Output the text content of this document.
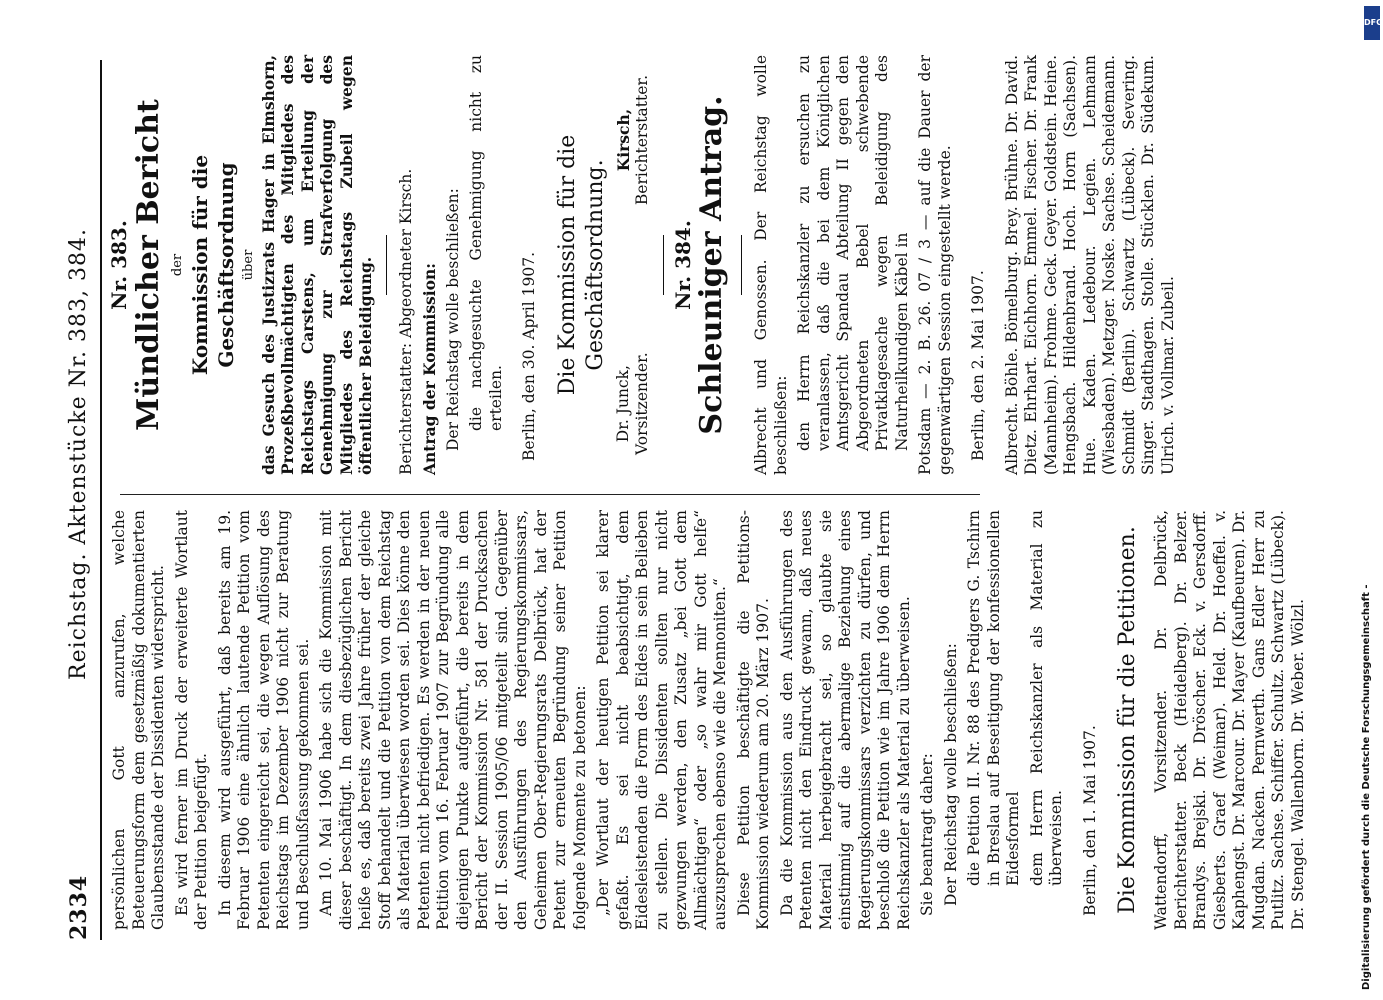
2334
Reichstag. Aktenstücke Nr. 383, 384.

persönlichen Gott anzurufen, welche Beteuerungsform dem gesetzmäßig dokumentierten Glaubensstande der Dissidenten widerspricht. Es wird ferner im Druck der erweiterte Wortlaut der Petition beigefügt. In diesem wird ausgeführt, daß bereits am 19. Februar 1906 eine ähnlich lautende Petition vom Petenten eingereicht sei, die wegen Auflösung des Reichstags im Dezember 1906 nicht zur Beratung und Beschlußfassung gekommen sei. Am 10. Mai 1906 habe sich die Kommission mit dieser beschäftigt. In dem diesbezüglichen Bericht heiße es, daß bereits zwei Jahre früher der gleiche Stoff behandelt und die Petition von dem Reichstag als Material überwiesen worden sei. Dies könne den Petenten nicht befriedigen. Es werden in der neuen Petition vom 16. Februar 1907 zur Begründung alle diejenigen Punkte aufgeführt, die bereits in dem Bericht der Kommission Nr. 581 der Drucksachen der II. Session 1905/06 mitgeteilt sind. Gegenüber den Ausführungen des Regierungskommissars, Geheimen Ober-Regierungsrats Delbrück, hat der Petent zur erneuten Begründung seiner Petition folgende Momente zu betonen: „Der Wortlaut der heutigen Petition sei klarer gefaßt. Es sei nicht beabsichtigt, dem Eidesleistenden die Form des Eides in sein Belieben zu stellen. Die Dissidenten sollten nur nicht gezwungen werden, den Zusatz „bei Gott dem Allmächtigen“ oder „so wahr mir Gott helfe“ auszusprechen ebenso wie die Mennoniten.“ Diese Petition beschäftigte die Petitions-Kommission wiederum am 20. März 1907. Da die Kommission aus den Ausführungen des Petenten nicht den Eindruck gewann, daß neues Material herbeigebracht sei, so glaubte sie einstimmig auf die abermalige Beziehung eines Regierungskommissars verzichten zu dürfen, und beschloß die Petition wie im Jahre 1906 dem Herrn Reichskanzler als Material zu überweisen. Sie beantragt daher: Der Reichstag wolle beschließen: die Petition II. Nr. 88 des Predigers G. Tschirn in Breslau auf Beseitigung der konfessionellen Eidesformel dem Herrn Reichskanzler als Material zu überweisen. Berlin, den 1. Mai 1907. Die Kommission für die Petitionen. Wattendorff, Vorsitzender. Dr. Delbrück, Berichterstatter. Beck (Heidelberg). Dr. Belzer. Brandys. Brejski. Dr. Dröscher. Eck. v. Gersdorff. Giesberts. Graef (Weimar). Held. Dr. Hoeffel. v. Kaphengst. Dr. Marcour. Dr. Mayer (Kaufbeuren). Dr. Mugdan. Nacken. Pernwerth. Gans Edler Herr zu Putlitz. Sachse. Schiffer. Schultz. Schwartz (Lübeck). Dr. Stengel. Wallenborn. Dr. Weber. Wölzl.

Nr. 383. Mündlicher Bericht der Kommission für die Geschäftsordnung über das Gesuch des Justizrats Hager in Elmshorn, Prozeßbevollmächtigten des Mitgliedes des Reichstags Carstens, um Erteilung der Genehmigung zur Strafverfolgung des Mitgliedes des Reichstags Zubeil wegen öffentlicher Beleidigung. Berichterstatter: Abgeordneter Kirsch. Antrag der Kommission: Der Reichstag wolle beschließen: die nachgesuchte Genehmigung nicht zu erteilen. Berlin, den 30. April 1907. Die Kommission für die Geschäftsordnung.
Dr. Junck, Vorsitzender.
Kirsch, Berichterstatter.
Nr. 384. Schleuniger Antrag. Albrecht und Genossen. Der Reichstag wolle beschließen: den Herrn Reichskanzler zu ersuchen zu veranlassen, daß die bei dem Königlichen Amtsgericht Spandau Abteilung II gegen den Abgeordneten Bebel schwebende Privatklagesache wegen Beleidigung des Naturheilkundigen Käbel in Potsdam — 2. B. 26. 07 / 3 — auf die Dauer der gegenwärtigen Session eingestellt werde. Berlin, den 2. Mai 1907. Albrecht. Böhle. Bömelburg. Brey. Brühne. Dr. David. Dietz. Ehrhart. Eichhorn. Emmel. Fischer. Dr. Frank (Mannheim). Frohme. Geck. Geyer. Goldstein. Heine. Hengsbach. Hildenbrand. Hoch. Horn (Sachsen). Hue. Kaden. Ledebour. Legien. Lehmann (Wiesbaden). Metzger. Noske. Sachse. Scheidemann. Schmidt (Berlin). Schwartz (Lübeck). Severing. Singer. Stadthagen. Stolle. Stücklen. Dr. Südekum. Ulrich. v. Vollmar. Zubeil.

DFG
Digitalisierung gefördert durch die Deutsche Forschungsgemeinschaft -
